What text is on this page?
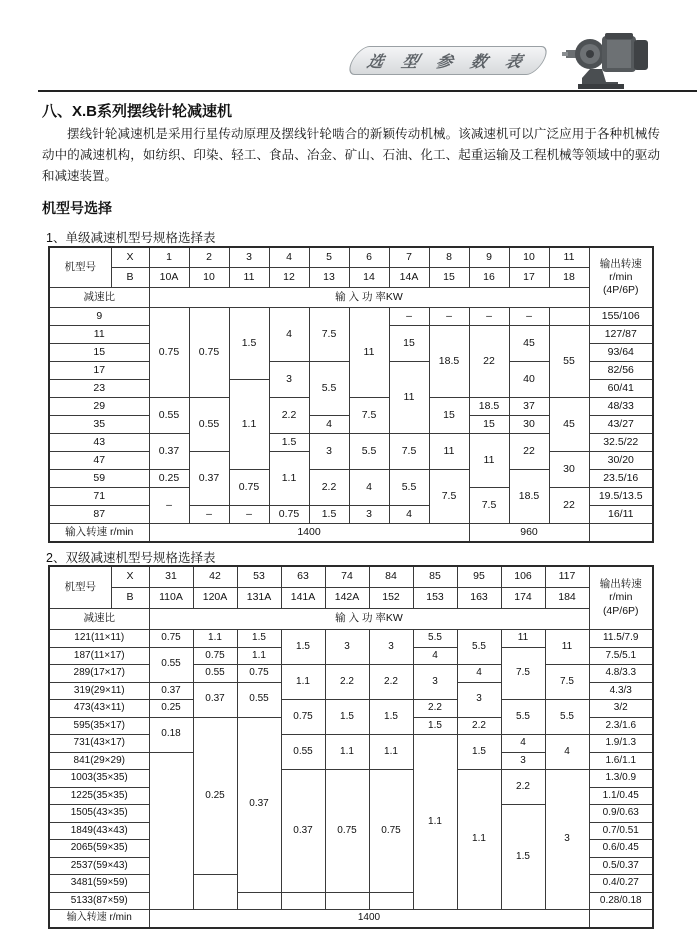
选 型 参 数 表
八、X.B系列摆线针轮减速机

摆线针轮减速机是采用行星传动原理及摆线针轮啮合的新颖传动机械。该减速机可以广泛应用于各种机械传动中的减速机构，如纺织、印染、轻工、食品、冶金、矿山、石油、化工、起重运输及工程机械等领域中的驱动和减速装置。

机型号选择
1、单级减速机型号规格选择表
机型号	X	1	2	3	4	5	6	7	8	9	10	11	输出转速
r/min
(4P/6P)
	B	10A	10	11	12	13	14	14A	15	16	17	18	
减速比		输 入 功 率KW											
9		0.75	0.75	1.5	4	7.5	11	–	–	–	–		155/106
11								15	18.5	22	45	55	127/87
15													93/64
17					3	5.5		11			40		82/56
23				1.1									60/41
29		0.55	0.55		2.2		7.5		15	18.5	37	45	48/33
35						4				15	30		43/27
43		0.37			1.5	3	5.5	7.5	11	11	22		32.5/22
47			0.37		1.1							30	30/20
59		0.25		0.75		2.2	4	5.5	7.5		18.5		23.5/16
71		–								7.5		22	19.5/13.5
87			–	–	0.75	1.5	3	4					16/11
输入转速 r/min		1400								960			
2、双级减速机型号规格选择表
机型号	X	31	42	53	63	74	84	85	95	106	117	输出转速
r/min
(4P/6P)
	B	110A	120A	131A	141A	142A	152	153	163	174	184	
减速比		输 入 功 率KW										
121(11×11)		0.75	1.1	1.5	1.5	3	3	5.5	5.5	11	11	11.5/7.9
187(11×17)		0.55	0.75	1.1				4		7.5		7.5/5.1
289(17×17)			0.55	0.75	1.1	2.2	2.2	3	4		7.5	4.8/3.3
319(29×11)		0.37	0.37	0.55					3			4.3/3
473(43×11)		0.25			0.75	1.5	1.5	2.2		5.5	5.5	3/2
595(35×17)		0.18	0.25	0.37				1.5	2.2			2.3/1.6
731(43×17)					0.55	1.1	1.1	1.1	1.5	4	4	1.9/1.3
841(29×29)										3		1.6/1.1
1003(35×35)					0.37	0.75	0.75		1.1	2.2	3	1.3/0.9
1225(35×35)												1.1/0.45
1505(43×35)										1.5		0.9/0.63
1849(43×43)												0.7/0.51
2065(59×35)												0.6/0.45
2537(59×43)												0.5/0.37
3481(59×59)												0.4/0.27
5133(87×59)												0.28/0.18
输入转速 r/min		1400										
